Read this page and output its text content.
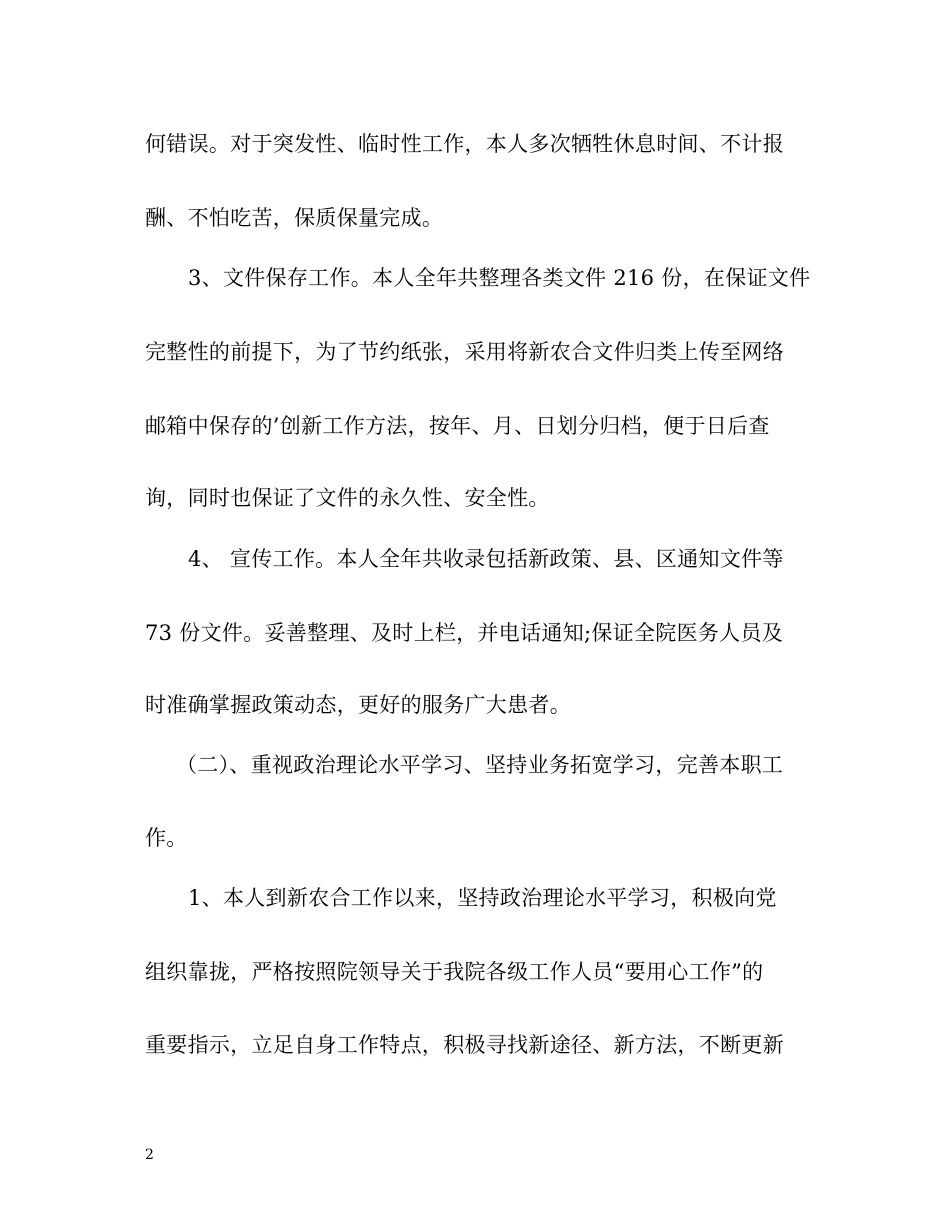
何错误。对于突发性、临时性工作，本人多次牺牲休息时间、不计报
酬、不怕吃苦，保质保量完成。
3、文件保存工作。本人全年共整理各类文件 216 份，在保证文件
完整性的前提下，为了节约纸张，采用将新农合文件归类上传至网络
邮箱中保存的’创新工作方法，按年、月、日划分归档，便于日后查
询，同时也保证了文件的永久性、安全性。
4、 宣传工作。本人全年共收录包括新政策、县、区通知文件等
73 份文件。妥善整理、及时上栏，并电话通知;保证全院医务人员及
时准确掌握政策动态，更好的服务广大患者。
（二）、重视政治理论水平学习、坚持业务拓宽学习，完善本职工
作。
1、本人到新农合工作以来，坚持政治理论水平学习，积极向党
组织靠拢，严格按照院领导关于我院各级工作人员“要用心工作”的
重要指示，立足自身工作特点，积极寻找新途径、新方法，不断更新
2
